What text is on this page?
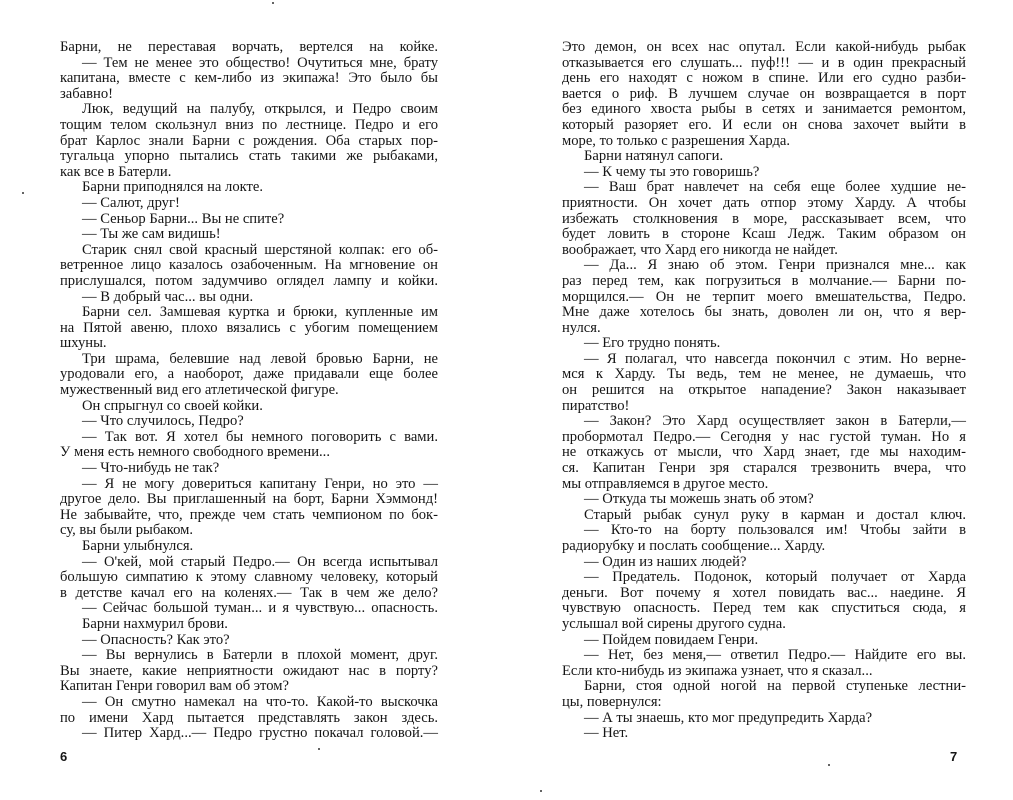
Барни, не переставая ворчать, вертелся на койке.
— Тем не менее это общество! Очутиться мне, брату
капитана, вместе с кем-либо из экипажа! Это было бы
забавно!
Люк, ведущий на палубу, открылся, и Педро своим
тощим телом скользнул вниз по лестнице. Педро и его
брат Карлос знали Барни с рождения. Оба старых пор-
тугальца упорно пытались стать такими же рыбаками,
как все в Батерли.
Барни приподнялся на локте.
— Салют, друг!
— Сеньор Барни... Вы не спите?
— Ты же сам видишь!
Старик снял свой красный шерстяной колпак: его об-
ветренное лицо казалось озабоченным. На мгновение он
прислушался, потом задумчиво оглядел лампу и койки.
— В добрый час... вы одни.
Барни сел. Замшевая куртка и брюки, купленные им
на Пятой авеню, плохо вязались с убогим помещением
шхуны.
Три шрама, белевшие над левой бровью Барни, не
уродовали его, а наоборот, даже придавали еще более
мужественный вид его атлетической фигуре.
Он спрыгнул со своей койки.
— Что случилось, Педро?
— Так вот. Я хотел бы немного поговорить с вами.
У меня есть немного свободного времени...
— Что-нибудь не так?
— Я не могу довериться капитану Генри, но это —
другое дело. Вы приглашенный на борт, Барни Хэммонд!
Не забывайте, что, прежде чем стать чемпионом по бок-
су, вы были рыбаком.
Барни улыбнулся.
— О'кей, мой старый Педро.— Он всегда испытывал
большую симпатию к этому славному человеку, который
в детстве качал его на коленях.— Так в чем же дело?
— Сейчас большой туман... и я чувствую... опасность.
Барни нахмурил брови.
— Опасность? Как это?
— Вы вернулись в Батерли в плохой момент, друг.
Вы знаете, какие неприятности ожидают нас в порту?
Капитан Генри говорил вам об этом?
— Он смутно намекал на что-то. Какой-то выскочка
по имени Хард пытается представлять закон здесь.
— Питер Хард...— Педро грустно покачал головой.—
Это демон, он всех нас опутал. Если какой-нибудь рыбак
отказывается его слушать... пуф!!! — и в один прекрасный
день его находят с ножом в спине. Или его судно разби-
вается о риф. В лучшем случае он возвращается в порт
без единого хвоста рыбы в сетях и занимается ремонтом,
который разоряет его. И если он снова захочет выйти в
море, то только с разрешения Харда.
Барни натянул сапоги.
— К чему ты это говоришь?
— Ваш брат навлечет на себя еще более худшие не-
приятности. Он хочет дать отпор этому Харду. А чтобы
избежать столкновения в море, рассказывает всем, что
будет ловить в стороне Ксаш Ледж. Таким образом он
воображает, что Хард его никогда не найдет.
— Да... Я знаю об этом. Генри признался мне... как
раз перед тем, как погрузиться в молчание.— Барни по-
морщился.— Он не терпит моего вмешательства, Педро.
Мне даже хотелось бы знать, доволен ли он, что я вер-
нулся.
— Его трудно понять.
— Я полагал, что навсегда покончил с этим. Но верне-
мся к Харду. Ты ведь, тем не менее, не думаешь, что
он решится на открытое нападение? Закон наказывает
пиратство!
— Закон? Это Хард осуществляет закон в Батерли,—
пробормотал Педро.— Сегодня у нас густой туман. Но я
не откажусь от мысли, что Хард знает, где мы находим-
ся. Капитан Генри зря старался трезвонить вчера, что
мы отправляемся в другое место.
— Откуда ты можешь знать об этом?
Старый рыбак сунул руку в карман и достал ключ.
— Кто-то на борту пользовался им! Чтобы зайти в
радиорубку и послать сообщение... Харду.
— Один из наших людей?
— Предатель. Подонок, который получает от Харда
деньги. Вот почему я хотел повидать вас... наедине. Я
чувствую опасность. Перед тем как спуститься сюда, я
услышал вой сирены другого судна.
— Пойдем повидаем Генри.
— Нет, без меня,— ответил Педро.— Найдите его вы.
Если кто-нибудь из экипажа узнает, что я сказал...
Барни, стоя одной ногой на первой ступеньке лестни-
цы, повернулся:
— А ты знаешь, кто мог предупредить Харда?
— Нет.
6	7
